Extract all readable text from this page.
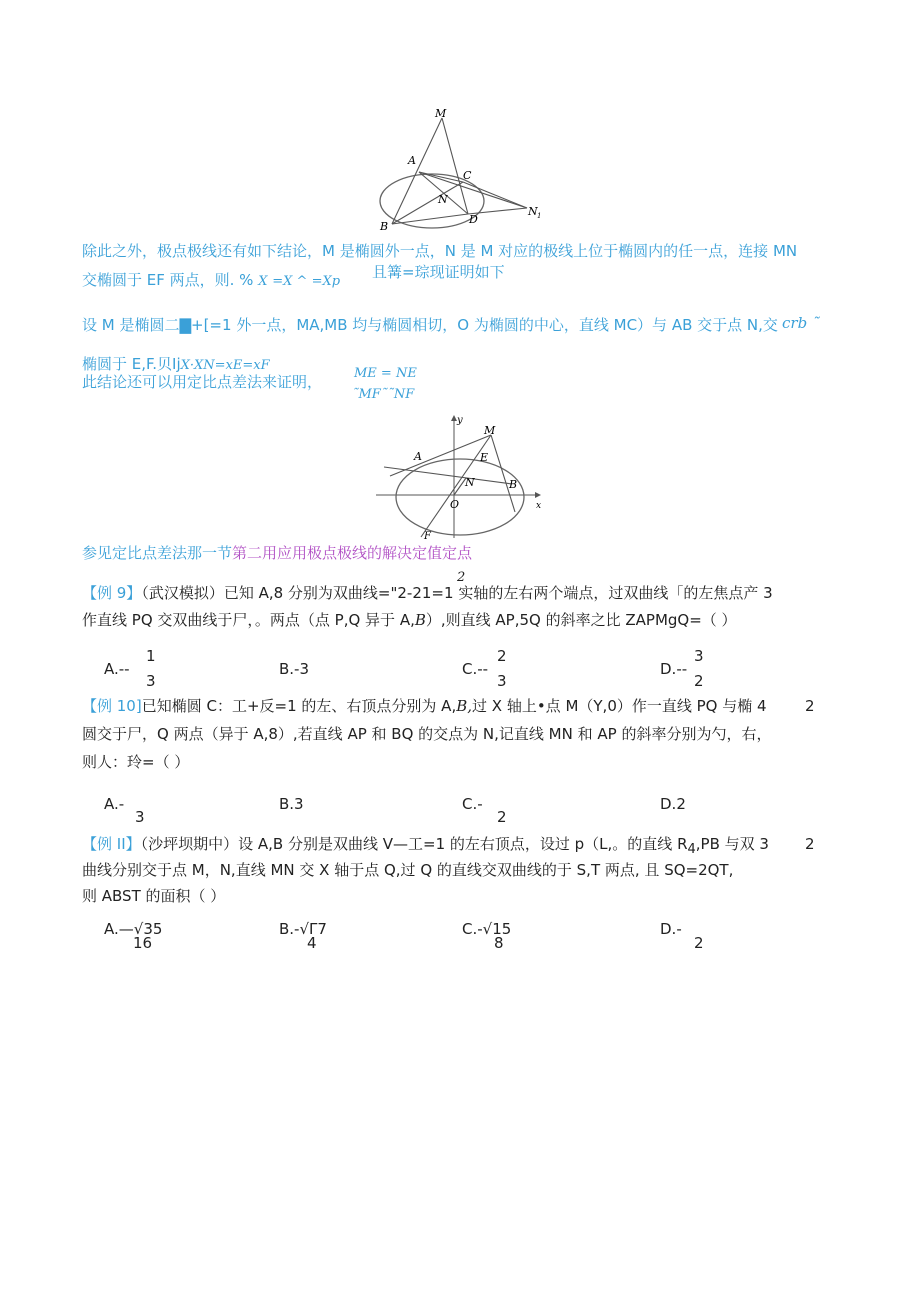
M
A
C
N
B
D
N 1
除此之外，极点极线还有如下结论，M 是椭圆外一点，N 是 M 对应的极线上位于椭圆内的任一点，连接 MN
交椭圆于 EF 两点，则. % X =X ^ =Xp
且篝=琮现证明如下
设 M 是椭圆二▇+[=1 外一点，MA,MB 均与椭圆相切，O 为椭圆的中心，直线 MC）与 AB 交于点 N,交 crb ˜
椭圆于 E,F.贝IjX·XN=xE=xF
ME = NE
˜MF˜˜NF
此结论还可以用定比点差法来证明，
y
M
A	E
N	B
O
F
x
参见定比点差法那一节第二用应用极点极线的解决定值定点
2
【例 9】（武汉模拟）已知 A,8 分别为双曲线="2-21=1 实轴的左右两个端点，过双曲线「的左焦点产 3
作直线 PQ 交双曲线于尸，。两点（点 P,Q 异于 A,B）,则直线 AP,5Q 的斜率之比 ZAPMgQ=（ ）
A.--
1
3
B.-3	C.--
2
3
D.--
3
2
【例 10]已知椭圆 C：工+反=1 的左、右顶点分别为 A,B,过 X 轴上•点 M（Y,0）作一直线 PQ 与椭 4	2
圆交于尸，Q 两点（异于 A,8）,若直线 AP 和 BQ 的交点为 N,记直线 MN 和 AP 的斜率分别为勺，右，
则人：玲=（ ）
A.-
3
B.3	C.-
2
D.2
【例 II】（沙坪坝期中）设 A,B 分别是双曲线 V—工=1 的左右顶点，设过 p（L,。的直线 $R_4,PB$ 与双 3 2
曲线分别交于点 M，N,直线 MN 交 X 轴于点 Q,过 Q 的直线交双曲线的于 S,T 两点, 且 SQ=2QT,
则 ABST 的面积（ ）
A.—√35
16
B.-√Γ7
4
C.-√15
8
D.-
2
